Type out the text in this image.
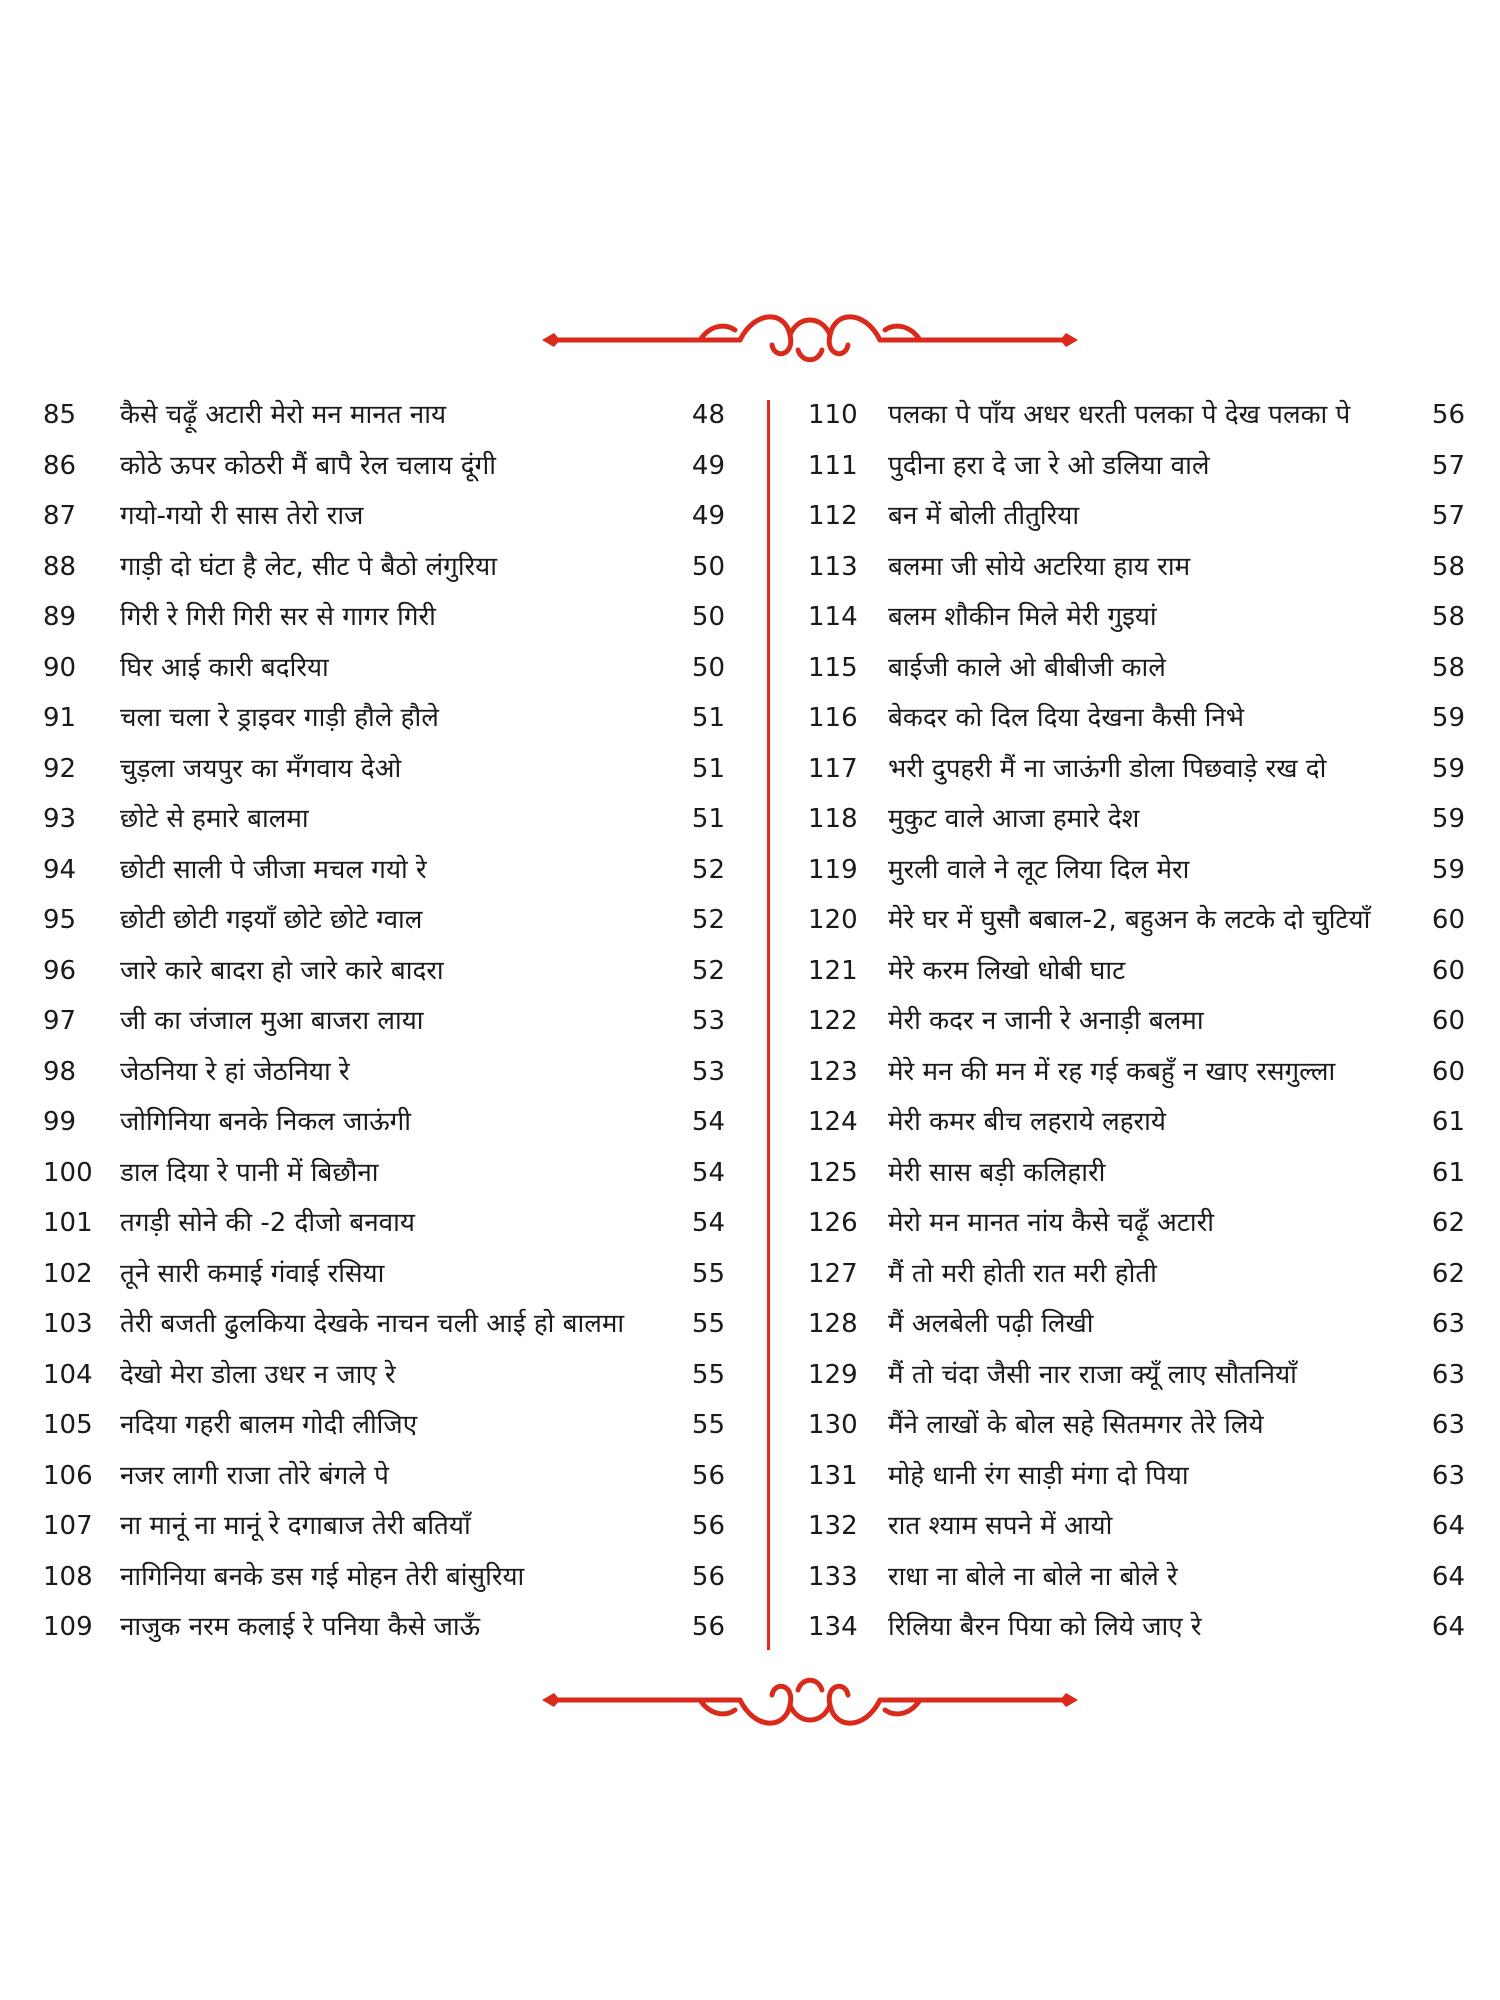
85	कैसे चढ़ूँ अटारी मेरो मन मानत नाय	48
86	कोठे ऊपर कोठरी मैं बापै रेल चलाय दूंगी	49
87	गयो-गयो री सास तेरो राज	49
88	गाड़ी दो घंटा है लेट, सीट पे बैठो लंगुरिया	50
89	गिरी रे गिरी गिरी सर से गागर गिरी	50
90	घिर आई कारी बदरिया	50
91	चला चला रे ड्राइवर गाड़ी हौले हौले	51
92	चुड़ला जयपुर का मँगवाय देओ	51
93	छोटे से हमारे बालमा	51
94	छोटी साली पे जीजा मचल गयो रे	52
95	छोटी छोटी गइयाँ छोटे छोटे ग्वाल	52
96	जारे कारे बादरा हो जारे कारे बादरा	52
97	जी का जंजाल मुआ बाजरा लाया	53
98	जेठनिया रे हां जेठनिया रे	53
99	जोगिनिया बनके निकल जाऊंगी	54
100	डाल दिया रे पानी में बिछौना	54
101	तगड़ी सोने की -2 दीजो बनवाय	54
102	तूने सारी कमाई गंवाई रसिया	55
103	तेरी बजती ढुलकिया देखके नाचन चली आई हो बालमा	55
104	देखो मेरा डोला उधर न जाए रे	55
105	नदिया गहरी बालम गोदी लीजिए	55
106	नजर लागी राजा तोरे बंगले पे	56
107	ना मानूं ना मानूं रे दगाबाज तेरी बतियाँ	56
108	नागिनिया बनके डस गई मोहन तेरी बांसुरिया	56
109	नाजुक नरम कलाई रे पनिया कैसे जाऊँ	56
110	पलका पे पाँय अधर धरती पलका पे देख पलका पे	56
111	पुदीना हरा दे जा रे ओ डलिया वाले	57
112	बन में बोली तीतुरिया	57
113	बलमा जी सोये अटरिया हाय राम	58
114	बलम शौकीन मिले मेरी गुइयां	58
115	बाईजी काले ओ बीबीजी काले	58
116	बेकदर को दिल दिया देखना कैसी निभे	59
117	भरी दुपहरी मैं ना जाऊंगी डोला पिछवाड़े रख दो	59
118	मुकुट वाले आजा हमारे देश	59
119	मुरली वाले ने लूट लिया दिल मेरा	59
120	मेरे घर में घुसौ बबाल-2, बहुअन के लटके दो चुटियाँ	60
121	मेरे करम लिखो धोबी घाट	60
122	मेरी कदर न जानी रे अनाड़ी बलमा	60
123	मेरे मन की मन में रह गई कबहुँ न खाए रसगुल्ला	60
124	मेरी कमर बीच लहराये लहराये	61
125	मेरी सास बड़ी कलिहारी	61
126	मेरो मन मानत नांय कैसे चढ़ूँ अटारी	62
127	मैं तो मरी होती रात मरी होती	62
128	मैं अलबेली पढ़ी लिखी	63
129	मैं तो चंदा जैसी नार राजा क्यूँ लाए सौतनियाँ	63
130	मैंने लाखों के बोल सहे सितमगर तेरे लिये	63
131	मोहे धानी रंग साड़ी मंगा दो पिया	63
132	रात श्याम सपने में आयो	64
133	राधा ना बोले ना बोले ना बोले रे	64
134	रिलिया बैरन पिया को लिये जाए रे	64
